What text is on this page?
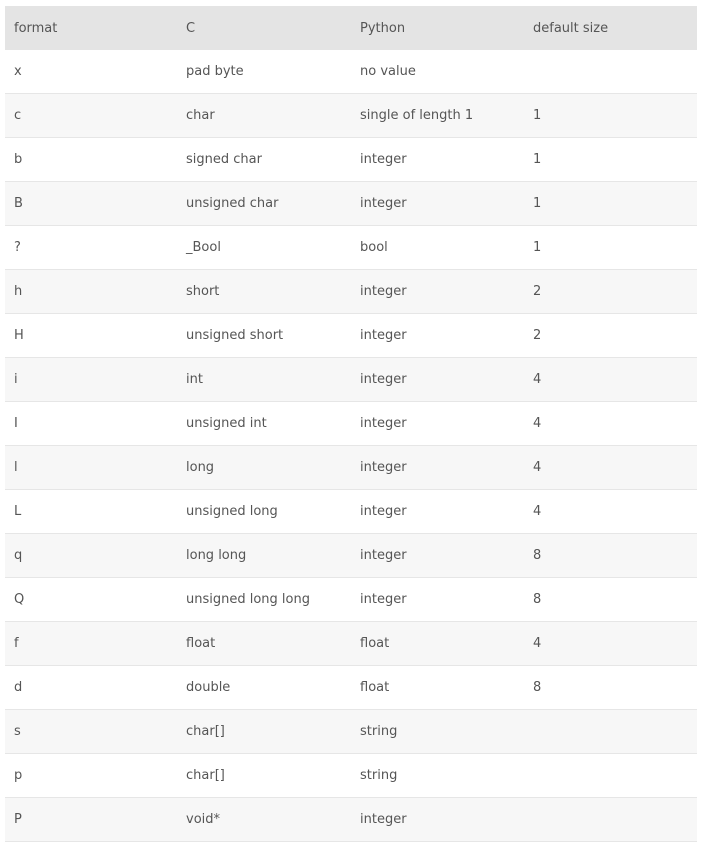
format	C	Python	default size
x	pad byte	no value
c	char	single of length 1	1
b	signed char	integer	1
B	unsigned char	integer	1
?	_Bool	bool	1
h	short	integer	2
H	unsigned short	integer	2
i	int	integer	4
I	unsigned int	integer	4
l	long	integer	4
L	unsigned long	integer	4
q	long long	integer	8
Q	unsigned long long	integer	8
f	float	float	4
d	double	float	8
s	char[]	string
p	char[]	string
P	void*	integer
